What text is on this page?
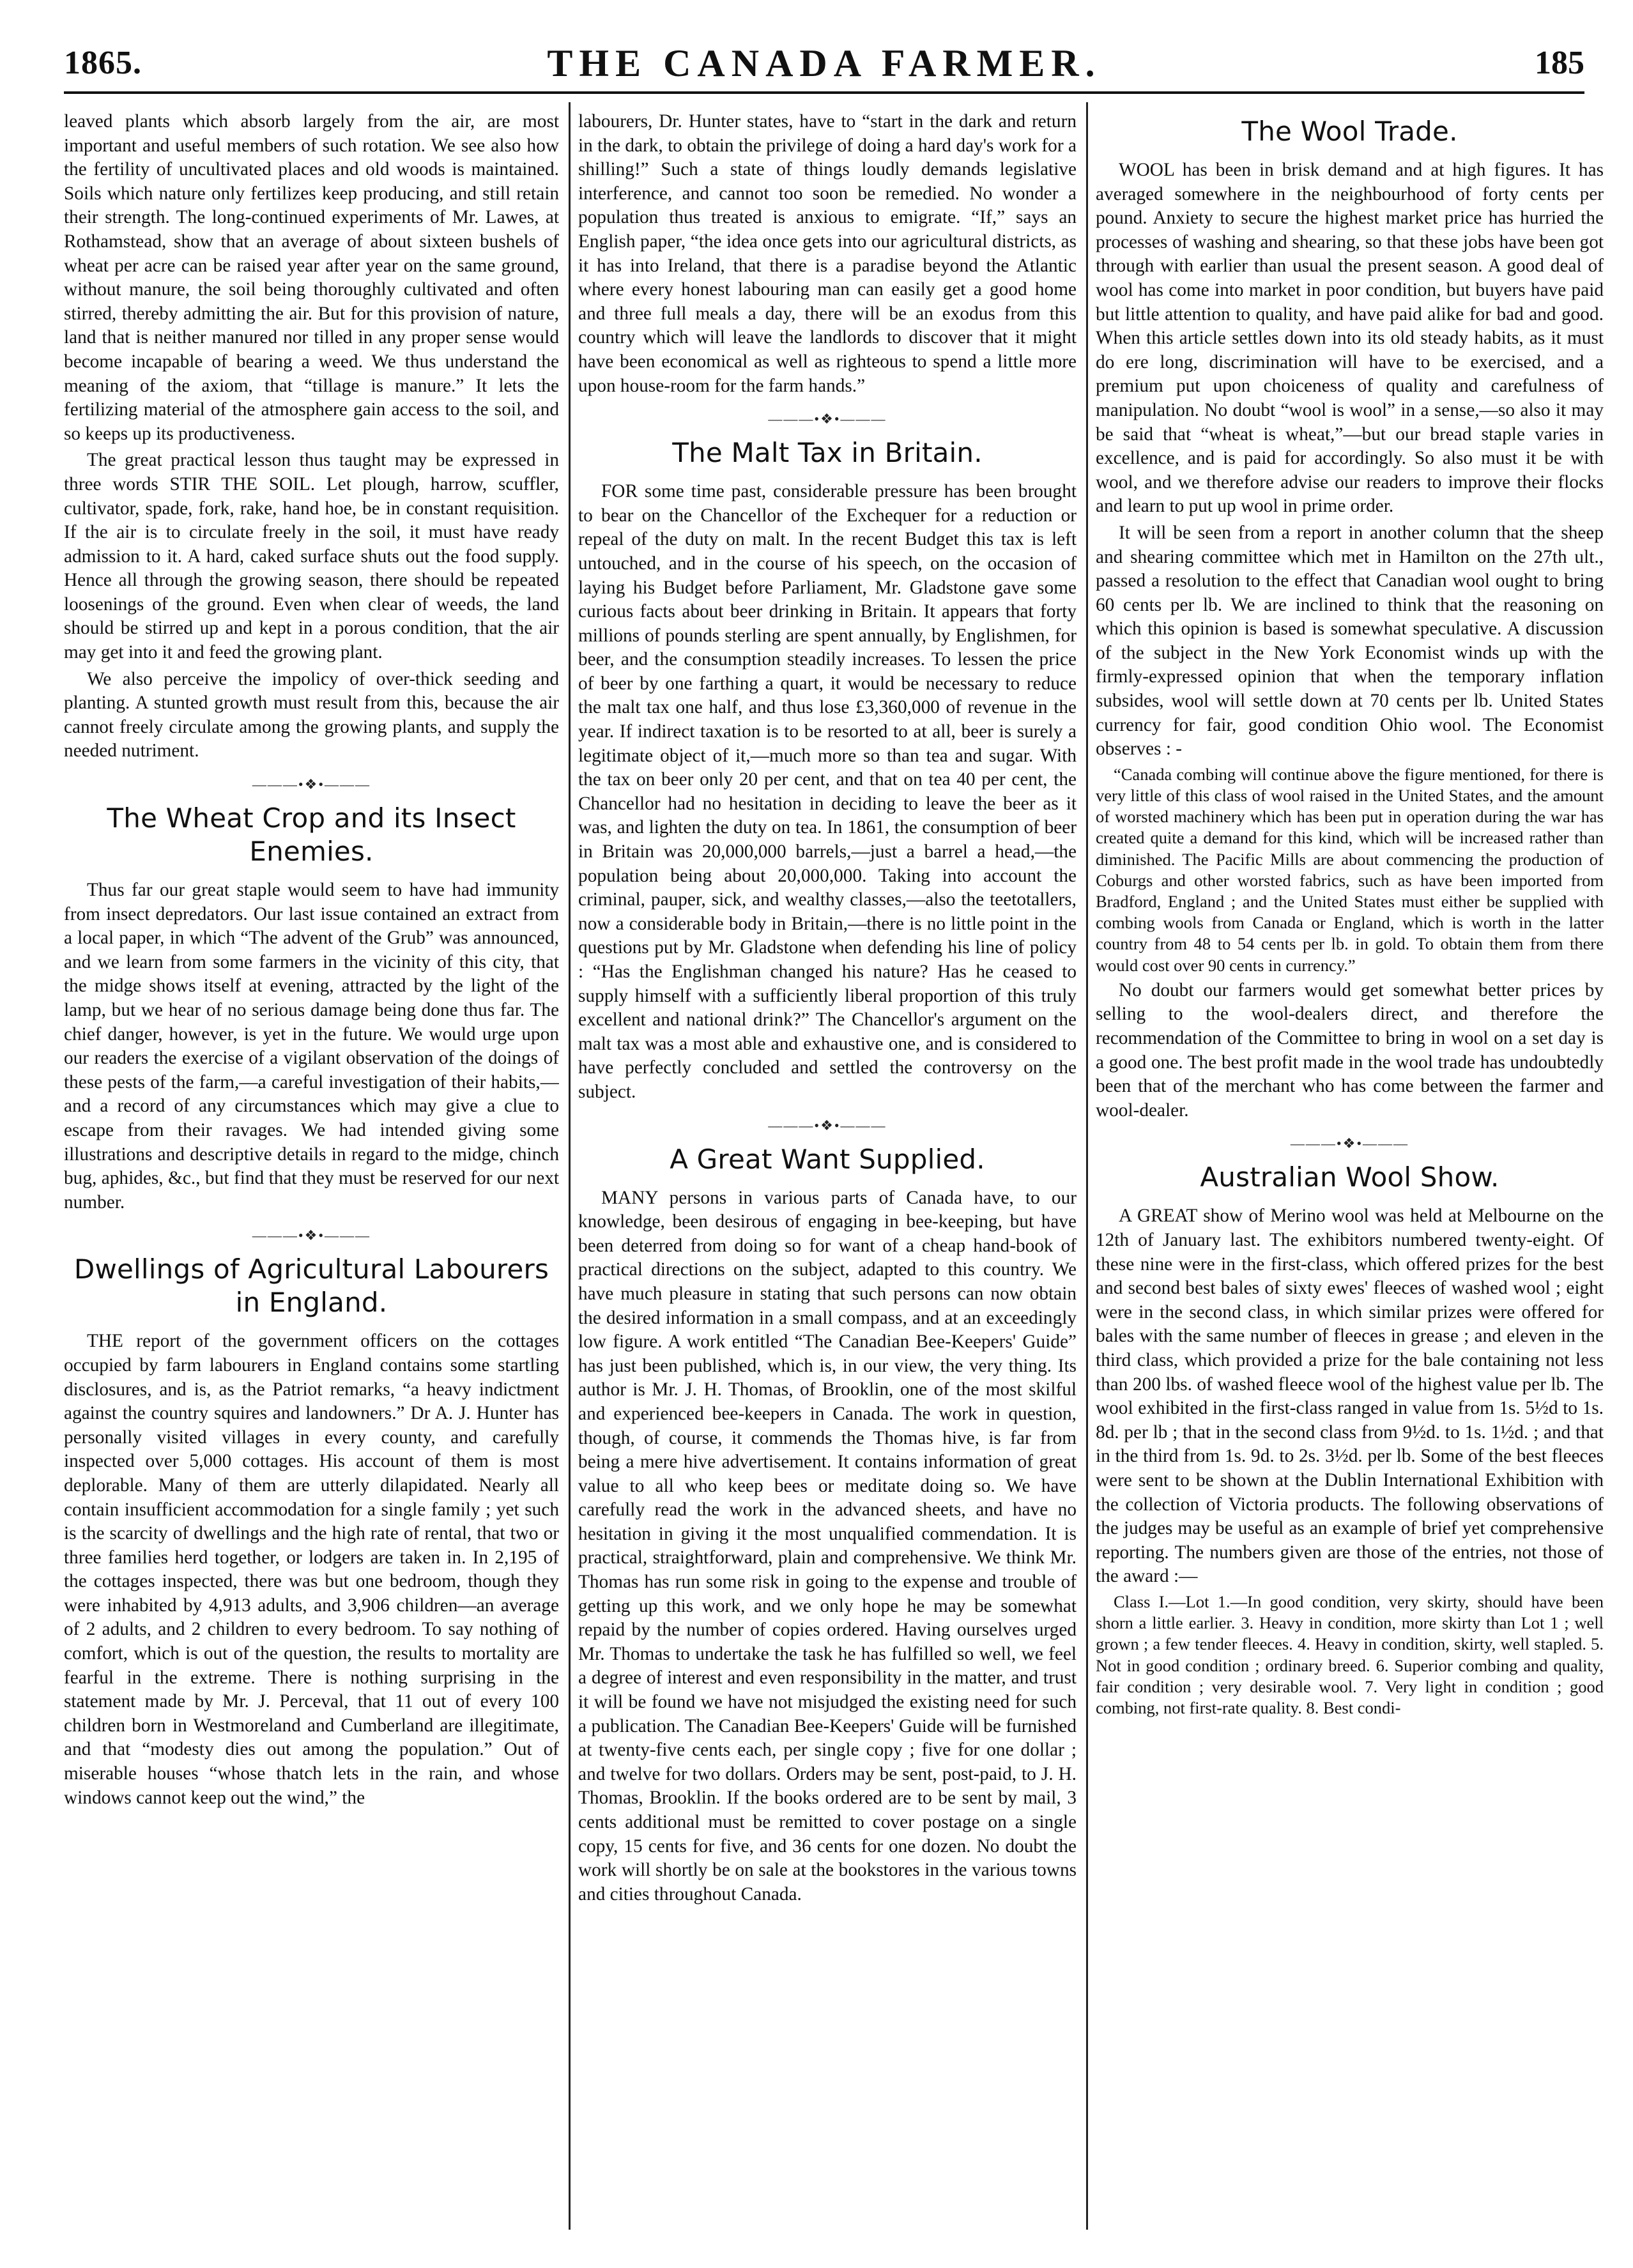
1865.	THE CANADA FARMER.	185

leaved plants which absorb largely from the air, are most important and useful members of such rotation. We see also how the fertility of uncultivated places and old woods is maintained. Soils which nature only fertilizes keep producing, and still retain their strength. The long-continued experiments of Mr. Lawes, at Rothamstead, show that an average of about sixteen bushels of wheat per acre can be raised year after year on the same ground, without manure, the soil being thoroughly cultivated and often stirred, thereby admitting the air. But for this provision of nature, land that is neither manured nor tilled in any proper sense would become incapable of bearing a weed. We thus understand the meaning of the axiom, that “tillage is manure.” It lets the fertilizing material of the atmosphere gain access to the soil, and so keeps up its productiveness.

The great practical lesson thus taught may be expressed in three words STIR THE SOIL. Let plough, harrow, scuffler, cultivator, spade, fork, rake, hand hoe, be in constant requisition. If the air is to circulate freely in the soil, it must have ready admission to it. A hard, caked surface shuts out the food supply. Hence all through the growing season, there should be repeated loosenings of the ground. Even when clear of weeds, the land should be stirred up and kept in a porous condition, that the air may get into it and feed the growing plant.

We also perceive the impolicy of over-thick seeding and planting. A stunted growth must result from this, because the air cannot freely circulate among the growing plants, and supply the needed nutriment.

———•❖•———
The Wheat Crop and its Insect Enemies.

Thus far our great staple would seem to have had immunity from insect depredators. Our last issue contained an extract from a local paper, in which “The advent of the Grub” was announced, and we learn from some farmers in the vicinity of this city, that the midge shows itself at evening, attracted by the light of the lamp, but we hear of no serious damage being done thus far. The chief danger, however, is yet in the future. We would urge upon our readers the exercise of a vigilant observation of the doings of these pests of the farm,—a careful investigation of their habits,—and a record of any circumstances which may give a clue to escape from their ravages. We had intended giving some illustrations and descriptive details in regard to the midge, chinch bug, aphides, &c., but find that they must be reserved for our next number.

———•❖•———
Dwellings of Agricultural Labourers in England.

THE report of the government officers on the cottages occupied by farm labourers in England contains some startling disclosures, and is, as the Patriot remarks, “a heavy indictment against the country squires and landowners.” Dr A. J. Hunter has personally visited villages in every county, and carefully inspected over 5,000 cottages. His account of them is most deplorable. Many of them are utterly dilapidated. Nearly all contain insufficient accommodation for a single family ; yet such is the scarcity of dwellings and the high rate of rental, that two or three families herd together, or lodgers are taken in. In 2,195 of the cottages inspected, there was but one bedroom, though they were inhabited by 4,913 adults, and 3,906 children—an average of 2 adults, and 2 children to every bedroom. To say nothing of comfort, which is out of the question, the results to mortality are fearful in the extreme. There is nothing surprising in the statement made by Mr. J. Perceval, that 11 out of every 100 children born in Westmoreland and Cumberland are illegitimate, and that “modesty dies out among the population.” Out of miserable houses “whose thatch lets in the rain, and whose windows cannot keep out the wind,” the

labourers, Dr. Hunter states, have to “start in the dark and return in the dark, to obtain the privilege of doing a hard day's work for a shilling!” Such a state of things loudly demands legislative interference, and cannot too soon be remedied. No wonder a population thus treated is anxious to emigrate. “If,” says an English paper, “the idea once gets into our agricultural districts, as it has into Ireland, that there is a paradise beyond the Atlantic where every honest labouring man can easily get a good home and three full meals a day, there will be an exodus from this country which will leave the landlords to discover that it might have been economical as well as righteous to spend a little more upon house-room for the farm hands.”

———•❖•———
The Malt Tax in Britain.

FOR some time past, considerable pressure has been brought to bear on the Chancellor of the Exchequer for a reduction or repeal of the duty on malt. In the recent Budget this tax is left untouched, and in the course of his speech, on the occasion of laying his Budget before Parliament, Mr. Gladstone gave some curious facts about beer drinking in Britain. It appears that forty millions of pounds sterling are spent annually, by Englishmen, for beer, and the consumption steadily increases. To lessen the price of beer by one farthing a quart, it would be necessary to reduce the malt tax one half, and thus lose £3,360,000 of revenue in the year. If indirect taxation is to be resorted to at all, beer is surely a legitimate object of it,—much more so than tea and sugar. With the tax on beer only 20 per cent, and that on tea 40 per cent, the Chancellor had no hesitation in deciding to leave the beer as it was, and lighten the duty on tea. In 1861, the consumption of beer in Britain was 20,000,000 barrels,—just a barrel a head,—the population being about 20,000,000. Taking into account the criminal, pauper, sick, and wealthy classes,—also the teetotallers, now a considerable body in Britain,—there is no little point in the questions put by Mr. Gladstone when defending his line of policy : “Has the Englishman changed his nature? Has he ceased to supply himself with a sufficiently liberal proportion of this truly excellent and national drink?” The Chancellor's argument on the malt tax was a most able and exhaustive one, and is considered to have perfectly concluded and settled the controversy on the subject.

———•❖•———
A Great Want Supplied.

MANY persons in various parts of Canada have, to our knowledge, been desirous of engaging in bee-keeping, but have been deterred from doing so for want of a cheap hand-book of practical directions on the subject, adapted to this country. We have much pleasure in stating that such persons can now obtain the desired information in a small compass, and at an exceedingly low figure. A work entitled “The Canadian Bee-Keepers' Guide” has just been published, which is, in our view, the very thing. Its author is Mr. J. H. Thomas, of Brooklin, one of the most skilful and experienced bee-keepers in Canada. The work in question, though, of course, it commends the Thomas hive, is far from being a mere hive advertisement. It contains information of great value to all who keep bees or meditate doing so. We have carefully read the work in the advanced sheets, and have no hesitation in giving it the most unqualified commendation. It is practical, straightforward, plain and comprehensive. We think Mr. Thomas has run some risk in going to the expense and trouble of getting up this work, and we only hope he may be somewhat repaid by the number of copies ordered. Having ourselves urged Mr. Thomas to undertake the task he has fulfilled so well, we feel a degree of interest and even responsibility in the matter, and trust it will be found we have not misjudged the existing need for such a publication. The Canadian Bee-Keepers' Guide will be furnished at twenty-five cents each, per single copy ; five for one dollar ; and twelve for two dollars. Orders may be sent, post-paid, to J. H. Thomas, Brooklin. If the books ordered are to be sent by mail, 3 cents additional must be remitted to cover postage on a single copy, 15 cents for five, and 36 cents for one dozen. No doubt the work will shortly be on sale at the bookstores in the various towns and cities throughout Canada.

The Wool Trade.

WOOL has been in brisk demand and at high figures. It has averaged somewhere in the neighbourhood of forty cents per pound. Anxiety to secure the highest market price has hurried the processes of washing and shearing, so that these jobs have been got through with earlier than usual the present season. A good deal of wool has come into market in poor condition, but buyers have paid but little attention to quality, and have paid alike for bad and good. When this article settles down into its old steady habits, as it must do ere long, discrimination will have to be exercised, and a premium put upon choiceness of quality and carefulness of manipulation. No doubt “wool is wool” in a sense,—so also it may be said that “wheat is wheat,”—but our bread staple varies in excellence, and is paid for accordingly. So also must it be with wool, and we therefore advise our readers to improve their flocks and learn to put up wool in prime order.

It will be seen from a report in another column that the sheep and shearing committee which met in Hamilton on the 27th ult., passed a resolution to the effect that Canadian wool ought to bring 60 cents per lb. We are inclined to think that the reasoning on which this opinion is based is somewhat speculative. A discussion of the subject in the New York Economist winds up with the firmly-expressed opinion that when the temporary inflation subsides, wool will settle down at 70 cents per lb. United States currency for fair, good condition Ohio wool. The Economist observes : -

“Canada combing will continue above the figure mentioned, for there is very little of this class of wool raised in the United States, and the amount of worsted machinery which has been put in operation during the war has created quite a demand for this kind, which will be increased rather than diminished. The Pacific Mills are about commencing the production of Coburgs and other worsted fabrics, such as have been imported from Bradford, England ; and the United States must either be supplied with combing wools from Canada or England, which is worth in the latter country from 48 to 54 cents per lb. in gold. To obtain them from there would cost over 90 cents in currency.”

No doubt our farmers would get somewhat better prices by selling to the wool-dealers direct, and therefore the recommendation of the Committee to bring in wool on a set day is a good one. The best profit made in the wool trade has undoubtedly been that of the merchant who has come between the farmer and wool-dealer.

———•❖•———
Australian Wool Show.

A GREAT show of Merino wool was held at Melbourne on the 12th of January last. The exhibitors numbered twenty-eight. Of these nine were in the first-class, which offered prizes for the best and second best bales of sixty ewes' fleeces of washed wool ; eight were in the second class, in which similar prizes were offered for bales with the same number of fleeces in grease ; and eleven in the third class, which provided a prize for the bale containing not less than 200 lbs. of washed fleece wool of the highest value per lb. The wool exhibited in the first-class ranged in value from 1s. 5½d to 1s. 8d. per lb ; that in the second class from 9½d. to 1s. 1½d. ; and that in the third from 1s. 9d. to 2s. 3½d. per lb. Some of the best fleeces were sent to be shown at the Dublin International Exhibition with the collection of Victoria products. The following observations of the judges may be useful as an example of brief yet comprehensive reporting. The numbers given are those of the entries, not those of the award :—

Class I.—Lot 1.—In good condition, very skirty, should have been shorn a little earlier. 3. Heavy in condition, more skirty than Lot 1 ; well grown ; a few tender fleeces. 4. Heavy in condition, skirty, well stapled. 5. Not in good condition ; ordinary breed. 6. Superior combing and quality, fair condition ; very desirable wool. 7. Very light in condition ; good combing, not first-rate quality. 8. Best condi-
